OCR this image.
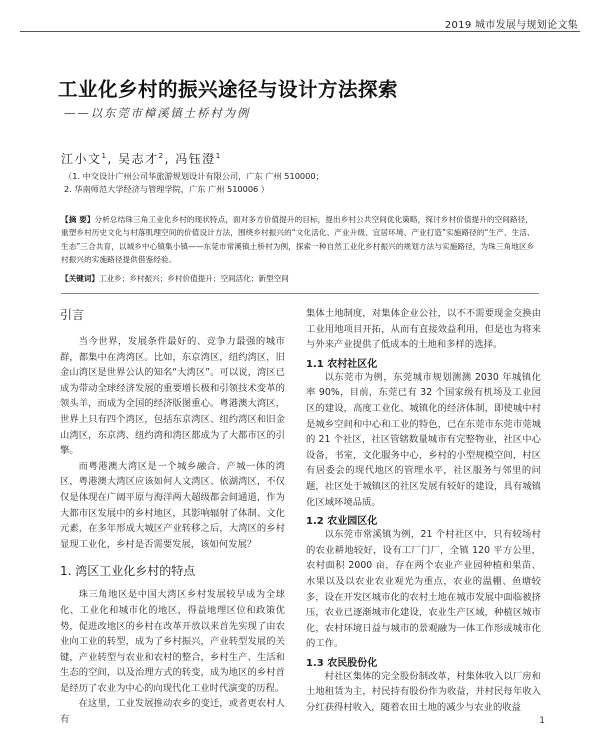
2019 城市发展与规划论文集
工业化乡村的振兴途径与设计方法探索
——以东莞市樟溪镇土桥村为例
江小文$^1$, 吴志才$^2$, 冯钰澄$^1$
（1. 中交设计广州公司华旅游规划设计有限公司，广东 广州 510000；
2. 华南师范大学经济与管理学院，广东 广州 510006 ）
【摘 要】分析总结珠三角工业化乡村的现状特点，面对多方价值提升的目标，提出乡村公共空间优化策略，探讨乡村价值提升的空间路径，重塑乡村历史文化与村落肌理空间的价值设计方法，围绕乡村振兴的“文化活化、产业升级、宜居环境、产业打造”实施路径的“生产、生活、生态”三合共育，以城乡中心镇集小镇——东莞市常溪镇土桥村为例，探索一种自然工业化乡村振兴的规划方法与实施路径，为珠三角地区乡村振兴的实施路径提供借鉴经验。
【关键词】工业乡；乡村振兴；乡村价值提升；空间活化；新型空间

引言

当今世界，发展条件最好的、竞争力最强的城市群，都集中在湾湾区。比如，东京湾区，纽约湾区，旧金山湾区是世界公认的知名“大湾区”。可以说，湾区已成为带动全球经济发展的重要增长极和引领技术变革的领头羊，而成为全国的经济版图重心。粤港澳大湾区，世界上只有四个湾区，包括东京湾区、纽约湾区和旧金山湾区，东京湾、纽约湾和湾区都成为了大都市区的引擎。

而粤港澳大湾区是一个城乡融合、产城一体的湾区，粤港澳大湾区应该如何人文湾区、依湖湾区，不仅仅是体现在广阔平原与海洋两大超级都会间通道，作为大都市区发展中的乡村地区，其影响辐射了体制、文化元素，在多年形成大城区产业转移之后，大湾区的乡村显现工业化，乡村是否需要发展，该如何发展？

1. 湾区工业化乡村的特点

珠三角地区是中国大湾区乡村发展较早成为全球化、工业化和城市化的地区，得益地理区位和政策优势，促进改地区的乡村在改革开放以来首先实现了由农业向工业的转型，成为了乡村振兴，产业转型发展的关键，产业转型与农业和农村的整合，乡村生产、生活和生态的空间，以及治理方式的转变，成为地区的乡村首是经历了农业为中心的向现代化工业时代演变的历程。

在这里，工业发展推动农乡的变迁，或者更农村人有

集体土地制度，对集体企业公社，以不不需要现金交换由工业用地项目开拓，从而有直接效益利用，但是也为将来与外来产业提供了低成本的土地和多样的选择。

1.1 农村社区化

以东莞市为例，东莞城市规划测测 2030 年城镇化率 90%，目前，东莞已有 32 个国家级有机场及工业园区的建设，高度工业化、城镇化的经济体制，即使城中村是城乡空间和中心和工业的特色，已在东莞市东莞市莞城的 21 个社区，社区管辖数量城市有完整物业，社区中心设备，书室，文化服务中心，乡村的小型规模空间，村区有居委会的现代地区的管理水平，社区服务与邻里的问题，社区处于城镇区的社区发展有较好的建设，具有城镇化区域环境品质。

1.2 农业园区化

以东莞市常溪镇为例，21 个村社区中，只有较场村的农业耕地较好，设有工厂门厂，全镇 120 平方公里，农村面积 2000 亩，存在两个农业产业园种植和果苗、水果以及以农业农业观光为重点，农业的温棚、鱼塘较多，设在开发区城市化的农村土地在城市发展中面临被挤压，农业已逐渐城市化建设，农业生产区域，种植区城市化，农村环境日益与城市的景观融为一体工作形成城市化的工作。

1.3 农民股份化

村社区集体的完全股份制改革，村集体收入以厂房和土地租赁为主，村民持有股份作为收益，并村民每年收入分红获得村收入，随着农田土地的减少与农业的收益

1
